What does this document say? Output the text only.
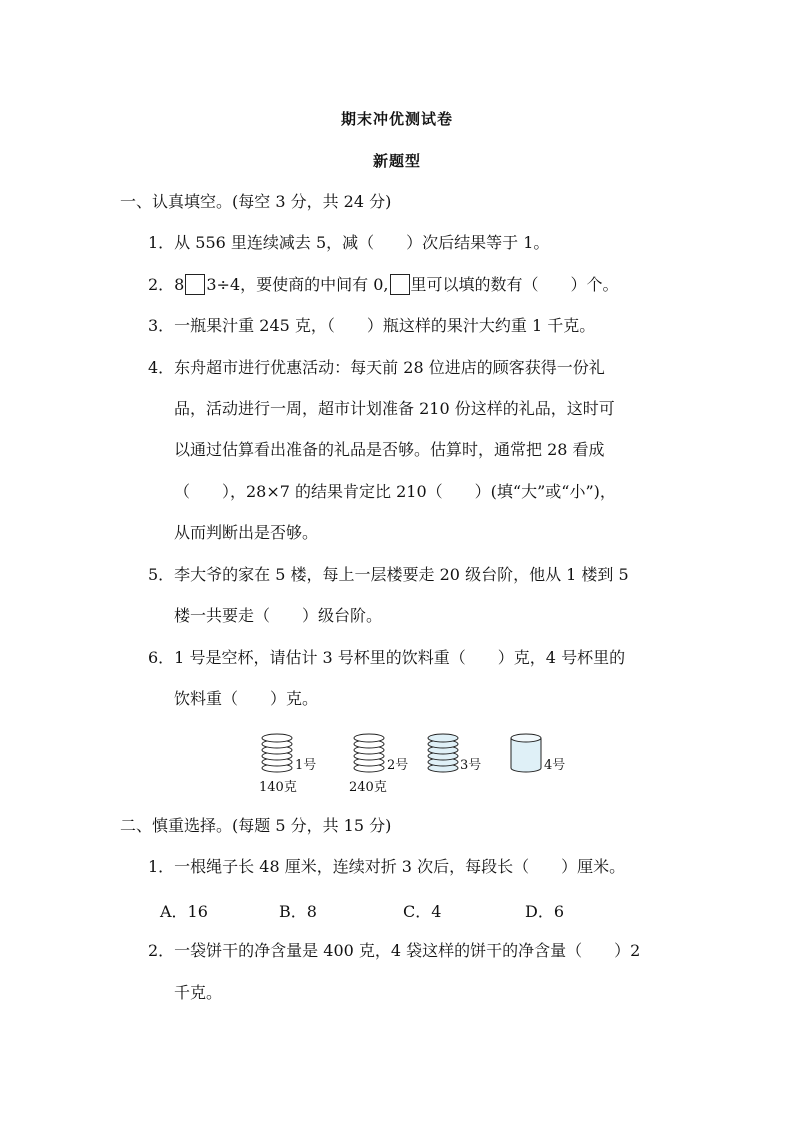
期末冲优测试卷
新题型
一、认真填空。(每空 3 分，共 24 分)
1．从 556 里连续减去 5，减（　　）次后结果等于 1。
2．8 3÷4，要使商的中间有 0, 里可以填的数有（　　）个。
3．一瓶果汁重 245 克，（　　）瓶这样的果汁大约重 1 千克。
4．东舟超市进行优惠活动：每天前 28 位进店的顾客获得一份礼
品，活动进行一周，超市计划准备 210 份这样的礼品，这时可
以通过估算看出准备的礼品是否够。估算时，通常把 28 看成
（　　），28×7 的结果肯定比 210（　　）(填“大”或“小”)，
从而判断出是否够。
5．李大爷的家在 5 楼，每上一层楼要走 20 级台阶，他从 1 楼到 5
楼一共要走（　　）级台阶。
6．1 号是空杯，请估计 3 号杯里的饮料重（　　）克，4 号杯里的
饮料重（　　）克。
1号
140克
2号
240克
3号	4号
二、慎重选择。(每题 5 分，共 15 分)
1．一根绳子长 48 厘米，连续对折 3 次后，每段长（　　）厘米。
A．16	B．8	C．4	D．6
2．一袋饼干的净含量是 400 克，4 袋这样的饼干的净含量（　　）2
千克。
